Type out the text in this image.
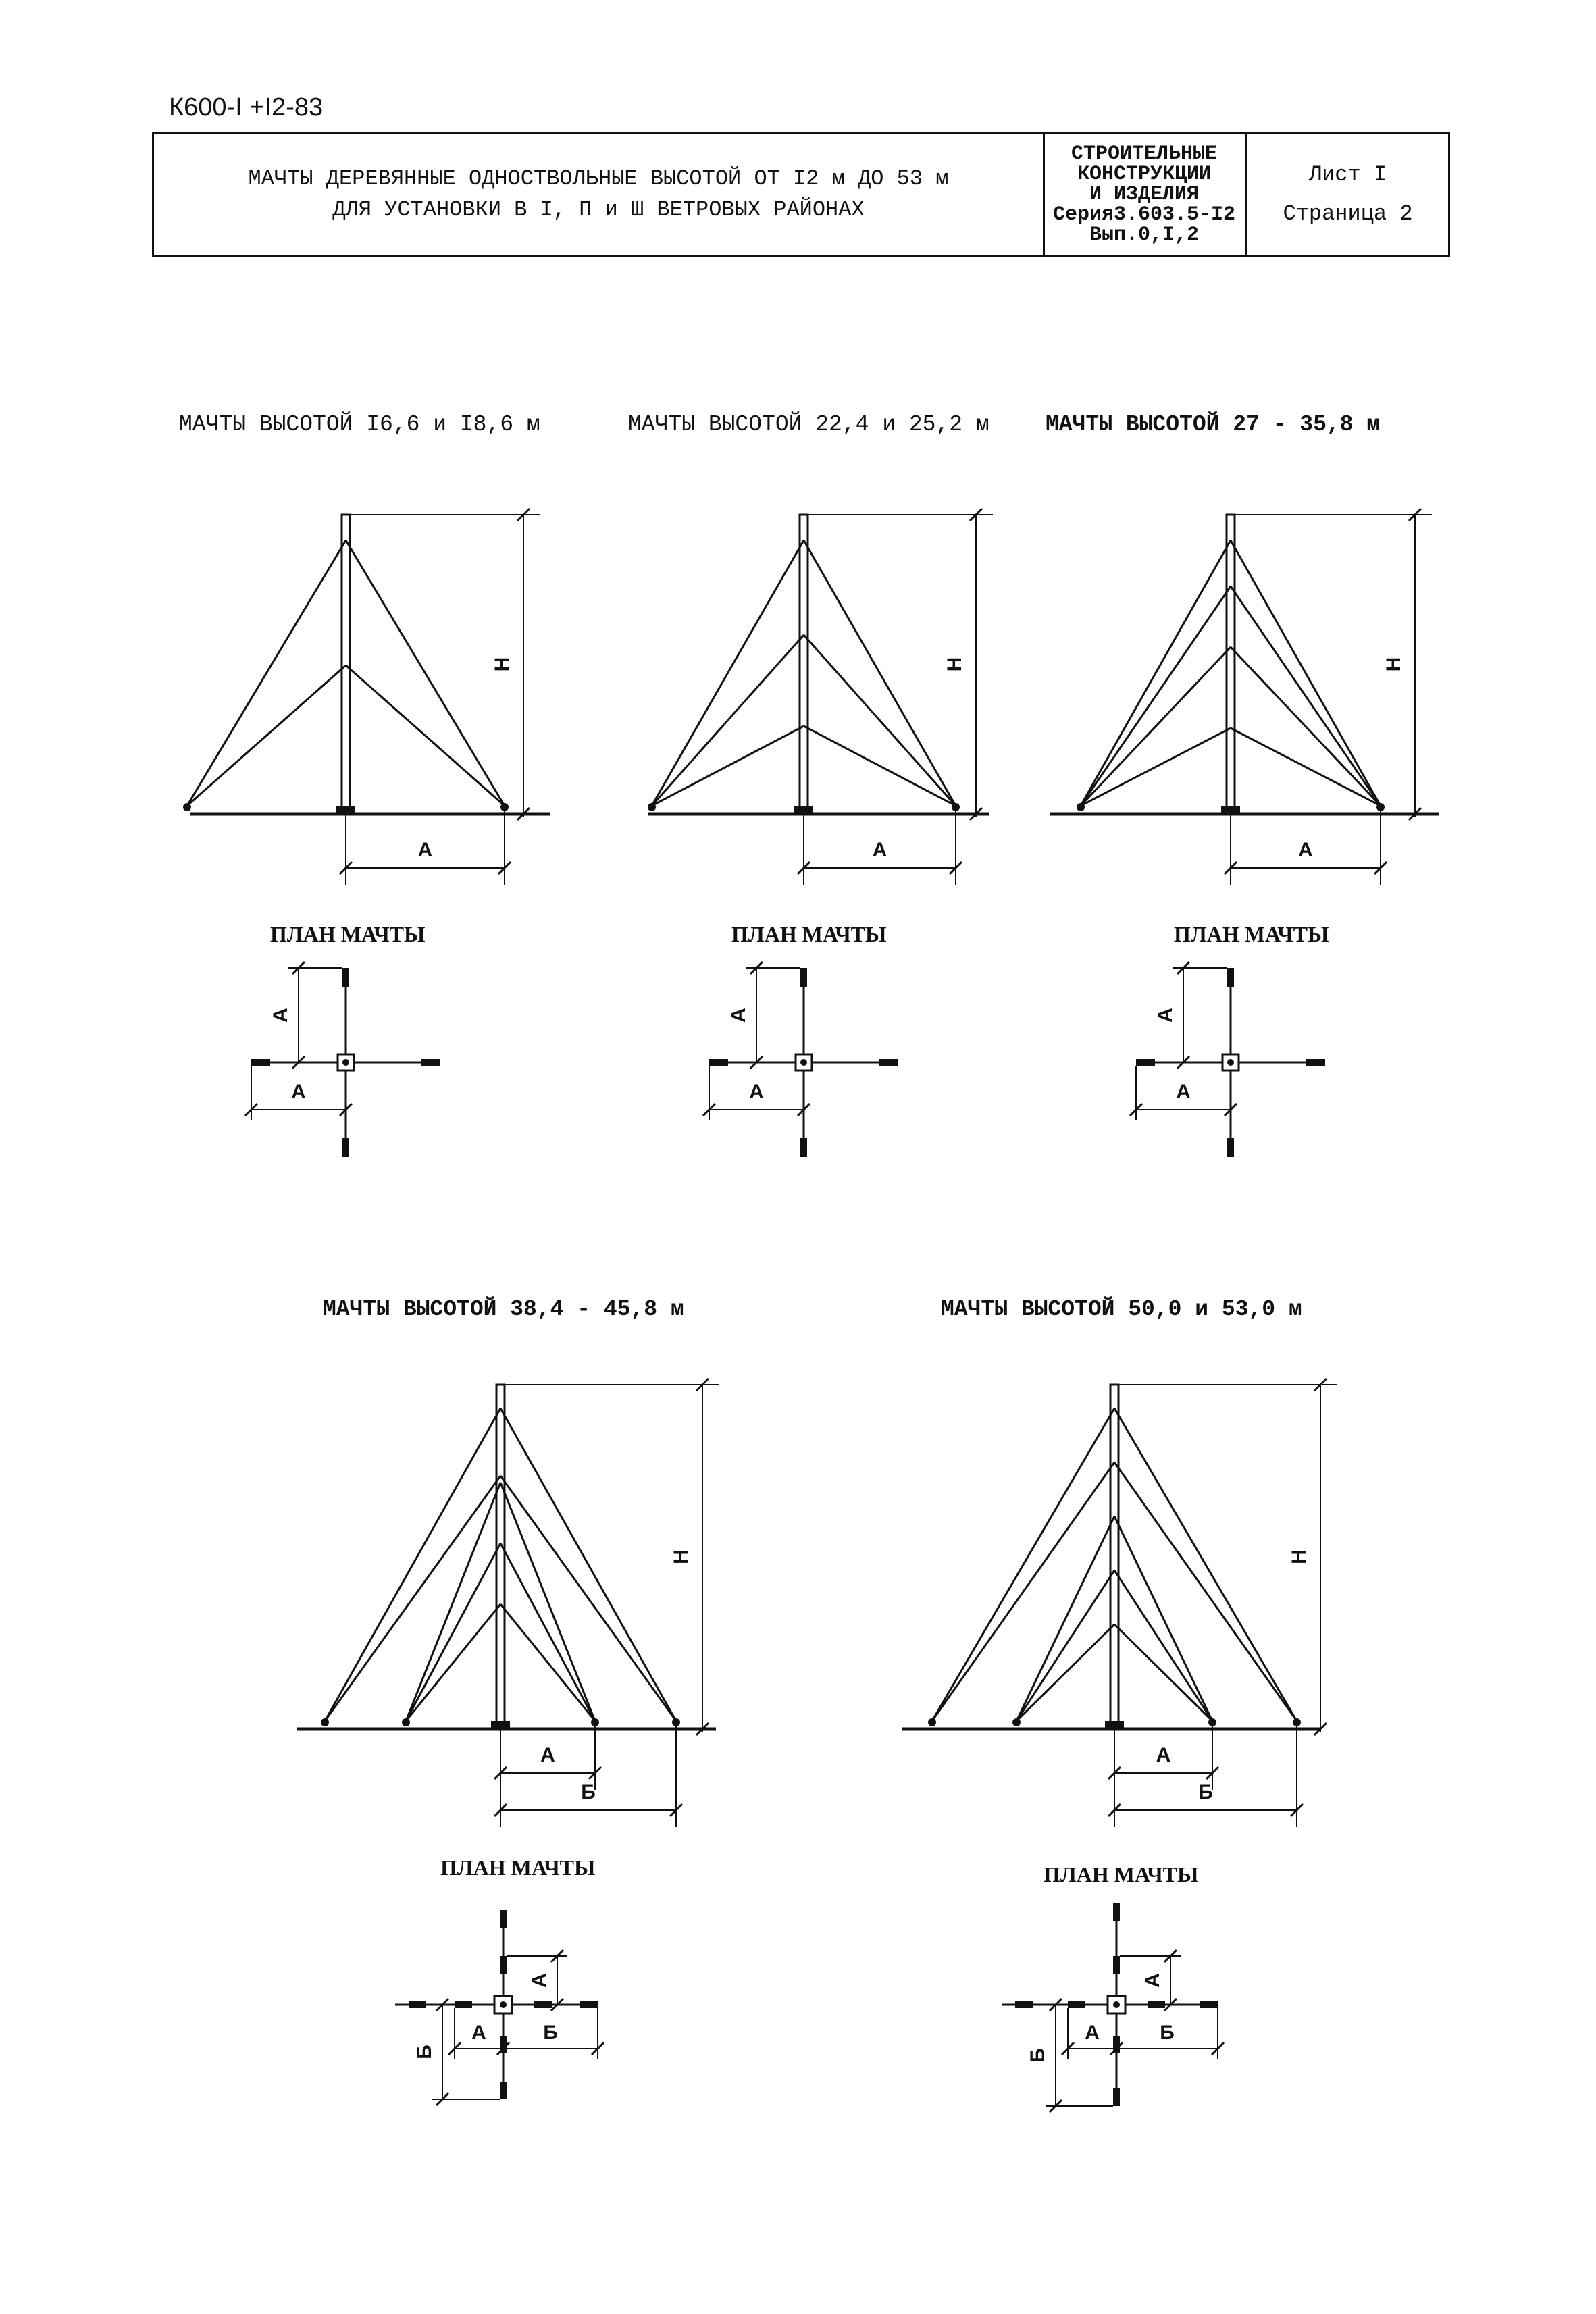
К600-I +I2-83
МАЧТЫ ДЕРЕВЯННЫЕ ОДНОСТВОЛЬНЫЕ ВЫСОТОЙ ОТ I2 м ДО 53 м
ДЛЯ УСТАНОВКИ В I, П и Ш ВЕТРОВЫХ РАЙОНАХ
СТРОИТЕЛЬНЫЕ
КОНСТРУКЦИИ
И ИЗДЕЛИЯ
Серия3.603.5-I2
Вып.0,I,2
Лист I
Страница 2
МАЧТЫ ВЫСОТОЙ I6,6 и I8,6 м	МАЧТЫ ВЫСОТОЙ 22,4 и 25,2 м	МАЧТЫ ВЫСОТОЙ 27 - 35,8 м
МАЧТЫ ВЫСОТОЙ 38,4 - 45,8 м	МАЧТЫ ВЫСОТОЙ 50,0 и 53,0 м
ПЛАН МАЧТЫ	ПЛАН МАЧТЫ	ПЛАН МАЧТЫ
ПЛАН МАЧТЫ	ПЛАН МАЧТЫ
H
А
H
А
H
А
H
А
Б
H
А
Б
А
А
А
А
А
А
А
А	Б
Б
А
А	Б
Б
